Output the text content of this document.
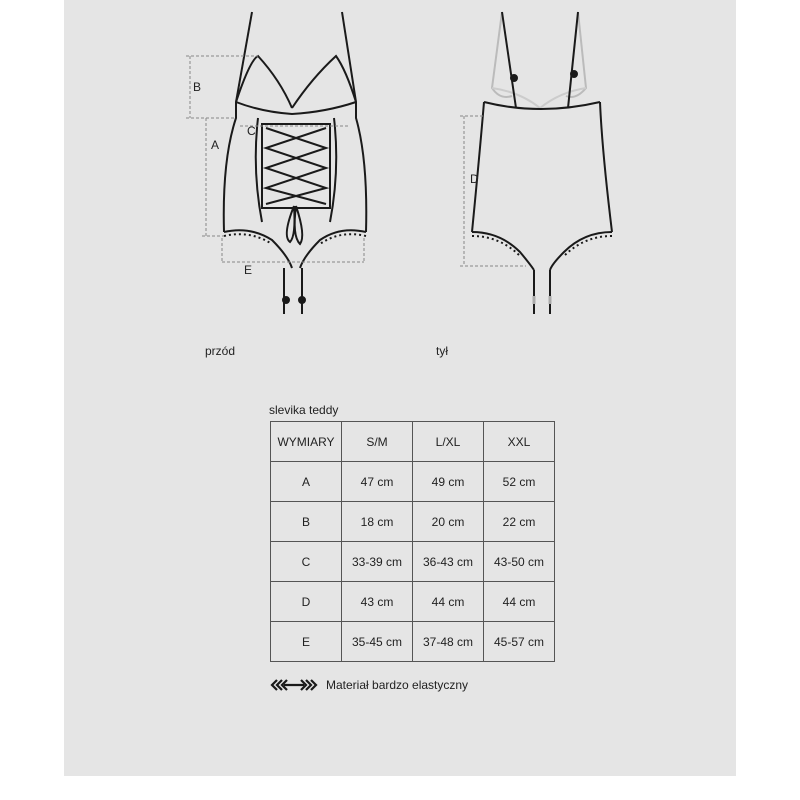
B
A
C
E
D
przód	tył
slevika teddy
WYMIARY	S/M	L/XL	XXL
A	47 cm	49 cm	52 cm
B	18 cm	20 cm	22 cm
C	33-39 cm	36-43 cm	43-50 cm
D	43 cm	44 cm	44 cm
E	35-45 cm	37-48 cm	45-57 cm
Materiał bardzo elastyczny
